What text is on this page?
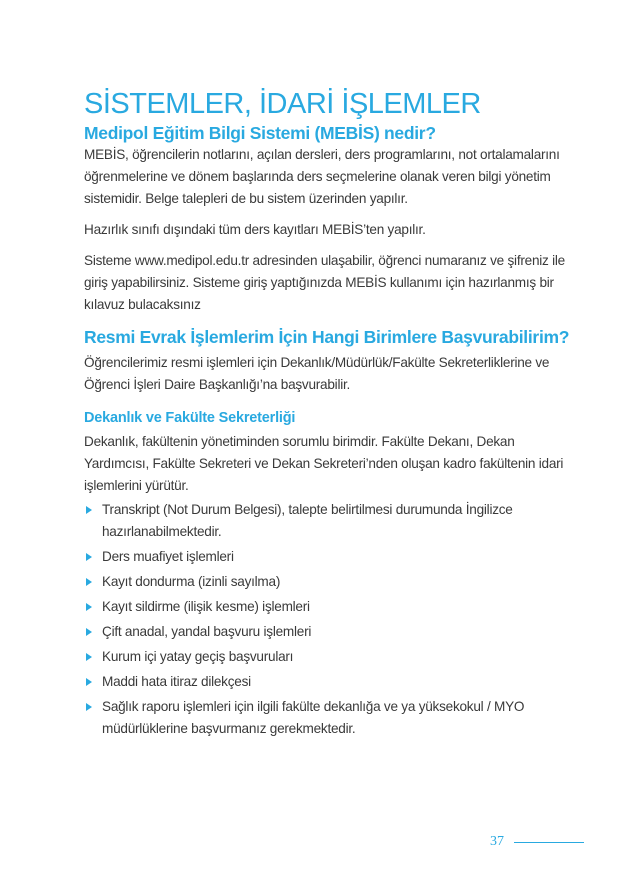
SİSTEMLER, İDARİ İŞLEMLER
Medipol Eğitim Bilgi Sistemi (MEBİS) nedir?

MEBİS, öğrencilerin notlarını, açılan dersleri, ders programlarını, not ortalamalarını öğrenmelerine ve dönem başlarında ders seçmelerine olanak veren bilgi yönetim sistemidir. Belge talepleri de bu sistem üzerinden yapılır.

Hazırlık sınıfı dışındaki tüm ders kayıtları MEBİS’ten yapılır.

Sisteme www.medipol.edu.tr adresinden ulaşabilir, öğrenci numaranız ve şifreniz ile giriş yapabilirsiniz. Sisteme giriş yaptığınızda MEBİS kullanımı için hazırlanmış bir kılavuz bulacaksınız

Resmi Evrak İşlemlerim İçin Hangi Birimlere Başvurabilirim?

Öğrencilerimiz resmi işlemleri için Dekanlık/Müdürlük/Fakülte Sekreterliklerine ve Öğrenci İşleri Daire Başkanlığı’na başvurabilir.

Dekanlık ve Fakülte Sekreterliği

Dekanlık, fakültenin yönetiminden sorumlu birimdir. Fakülte Dekanı, Dekan Yardımcısı, Fakülte Sekreteri ve Dekan Sekreteri’nden oluşan kadro fakültenin idari işlemlerini yürütür.

Transkript (Not Durum Belgesi), talepte belirtilmesi durumunda İngilizce hazırlanabilmektedir.
Ders muafiyet işlemleri
Kayıt dondurma (izinli sayılma)
Kayıt sildirme (ilişik kesme) işlemleri
Çift anadal, yandal başvuru işlemleri
Kurum içi yatay geçiş başvuruları
Maddi hata itiraz dilekçesi
Sağlık raporu işlemleri için ilgili fakülte dekanlığa ve ya yüksekokul / MYO müdürlüklerine başvurmanız gerekmektedir.
37
